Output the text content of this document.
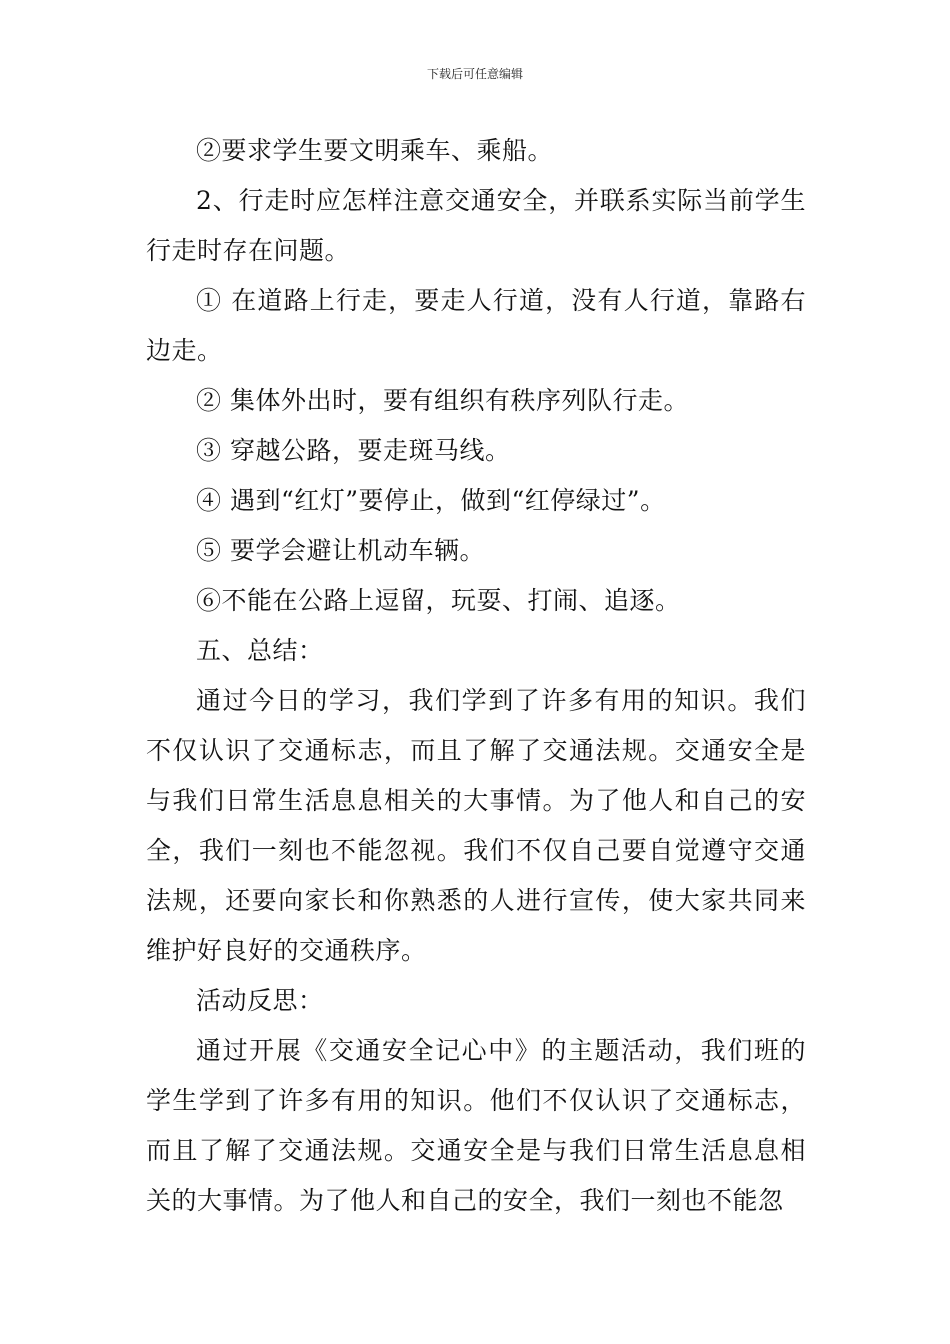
下载后可任意编辑

②要求学生要文明乘车、乘船。

2、行走时应怎样注意交通安全，并联系实际当前学生行走时存在问题。

① 在道路上行走，要走人行道，没有人行道，靠路右边走。

② 集体外出时，要有组织有秩序列队行走。

③ 穿越公路，要走斑马线。

④ 遇到“红灯”要停止，做到“红停绿过”。

⑤ 要学会避让机动车辆。

⑥不能在公路上逗留，玩耍、打闹、追逐。

五、总结：

通过今日的学习，我们学到了许多有用的知识。我们不仅认识了交通标志，而且了解了交通法规。交通安全是与我们日常生活息息相关的大事情。为了他人和自己的安全，我们一刻也不能忽视。我们不仅自己要自觉遵守交通法规，还要向家长和你熟悉的人进行宣传，使大家共同来维护好良好的交通秩序。

活动反思：

通过开展《交通安全记心中》的主题活动，我们班的学生学到了许多有用的知识。他们不仅认识了交通标志，而且了解了交通法规。交通安全是与我们日常生活息息相关的大事情。为了他人和自己的安全，我们一刻也不能忽
